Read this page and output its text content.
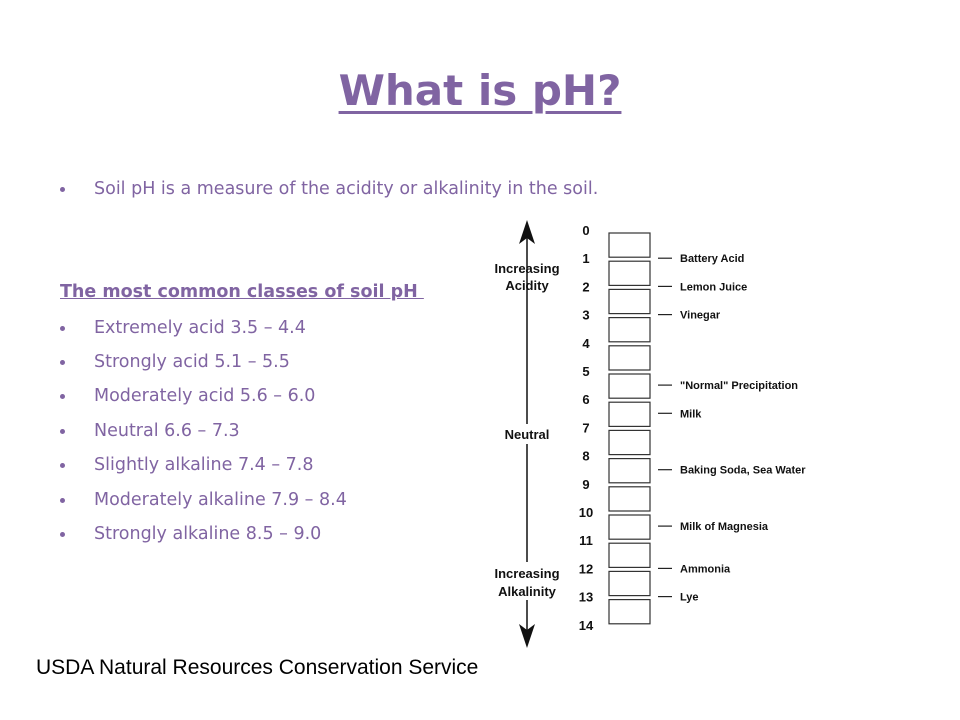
What is pH?
Soil pH is a measure of the acidity or alkalinity in the soil.
The most common classes of soil pH
Extremely acid 3.5 – 4.4
Strongly acid 5.1 – 5.5
Moderately acid 5.6 – 6.0
Neutral 6.6 – 7.3
Slightly alkaline 7.4 – 7.8
Moderately alkaline 7.9 – 8.4
Strongly alkaline 8.5 – 9.0
Increasing
Acidity
Neutral
Increasing
Alkalinity
0
1
2
3
4
5
6
7
8
9
10
11
12
13
14
Battery Acid
Lemon Juice
Vinegar
"Normal" Precipitation
Milk
Baking Soda, Sea Water
Milk of Magnesia
Ammonia
Lye
USDA Natural Resources Conservation Service
